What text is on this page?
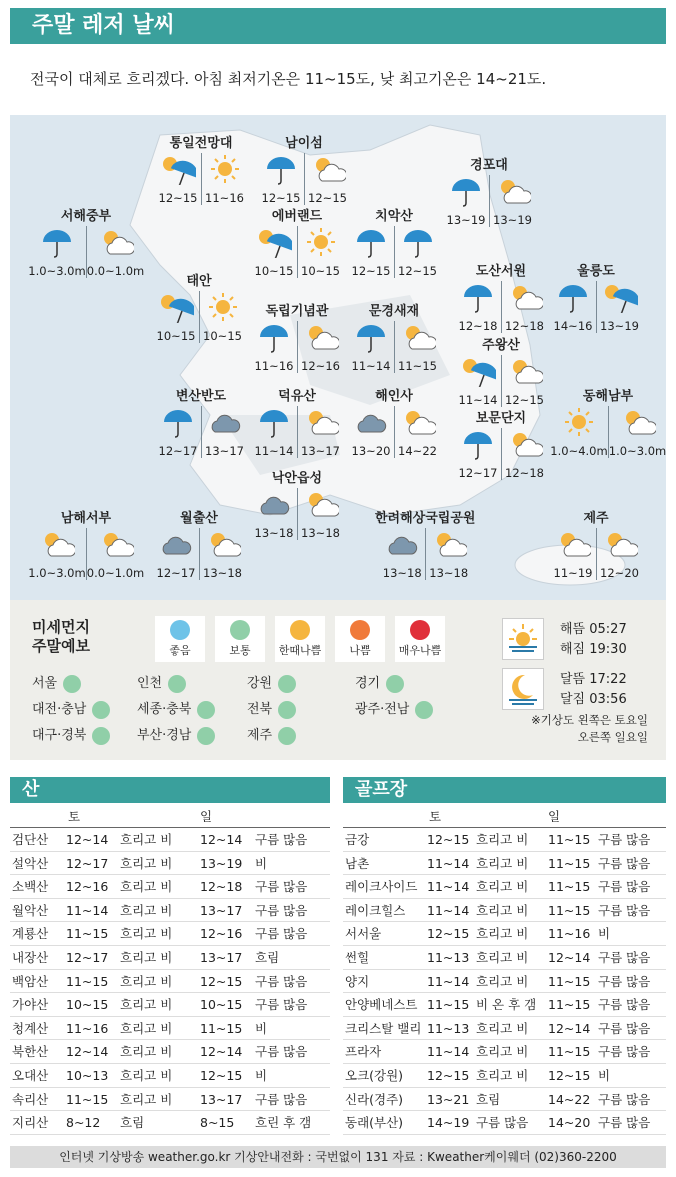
주말 레저 날씨
전국이 대체로 흐리겠다. 아침 최저기온은 11~15도, 낮 최고기온은 14~21도.
통일전망대
12~15 11~16
남이섬
12~15 12~15
경포대
13~19 13~19
서해중부
1.0~3.0m 0.0~1.0m
에버랜드
10~15 10~15
치악산
12~15 12~15	도산서원
12~18 12~18
울릉도
14~16 13~19
태안
10~15 10~15
독립기념관
11~16 12~16
문경새재
11~14 11~15
주왕산
11~14 12~15
변산반도
12~17 13~17
덕유산
11~14 13~17
해인사
13~20 14~22
보문단지
12~17 12~18
동해남부
1.0~4.0m 1.0~3.0m
낙안읍성
13~18 13~18
남해서부
1.0~3.0m 0.0~1.0m
월출산
12~17 13~18
한려해상국립공원
13~18 13~18
제주
11~19 12~20
미세먼지
주말예보	좋음	보통	한때나쁨	나쁨	매우나쁨
서울	인천	강원	경기
대전·충남	세종·충북	전북	광주·전남
대구·경북	부산·경남	제주
해뜸 05:27
해짐 19:30
달뜸 17:22
달짐 03:56
※기상도 왼쪽은 토요일
오른쪽 일요일
산	골프장
토	일
검단산 12~14 흐리고 비 12~14 구름 많음
설악산 12~17 흐리고 비 13~19 비
소백산 12~16 흐리고 비 12~18 구름 많음
월악산 11~14 흐리고 비 13~17 구름 많음
계룡산 11~15 흐리고 비 12~16 구름 많음
내장산 12~17 흐리고 비 13~17 흐림
백암산 11~15 흐리고 비 12~15 구름 많음
가야산 10~15 흐리고 비 10~15 구름 많음
청계산 11~16 흐리고 비 11~15 비
북한산 12~14 흐리고 비 12~14 구름 많음
오대산 10~13 흐리고 비 12~15 비
속리산 11~15 흐리고 비 13~17 구름 많음
지리산 8~12 흐림	8~15 흐린 후 갬
토	일
금강	12~15 흐리고 비 11~15 구름 많음
남촌	11~14 흐리고 비 11~15 구름 많음
레이크사이드 11~14 흐리고 비 11~15 구름 많음
레이크힐스 11~14 흐리고 비 11~15 구름 많음
서서울	12~15 흐리고 비 11~16 비
썬힐	11~13 흐리고 비 12~14 구름 많음
양지	11~14 흐리고 비 11~15 구름 많음
안양베네스트 11~15 비 온 후 갬 11~15 구름 많음
크리스탈 밸리 11~13 흐리고 비 12~14 구름 많음
프라자	11~14 흐리고 비 11~15 구름 많음
오크(강원) 12~15 흐리고 비 12~15 비
신라(경주) 13~21 흐림	14~22 구름 많음
동래(부산) 14~19 구름 많음 14~20 구름 많음
인터넷 기상방송 weather.go.kr 기상안내전화 : 국번없이 131 자료 : Kweather케이웨더 (02)360-2200
